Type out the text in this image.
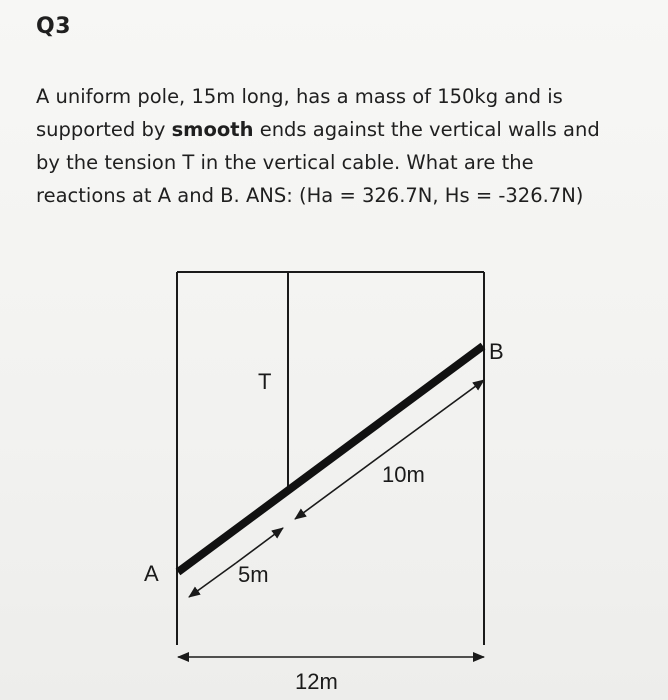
Q3
A uniform pole, 15m long, has a mass of 150kg and is
supported by smooth ends against the vertical walls and
by the tension T in the vertical cable. What are the
reactions at A and B. ANS: (Ha = 326.7N, Hs = -326.7N)
A
B
T
5m
10m
12m
